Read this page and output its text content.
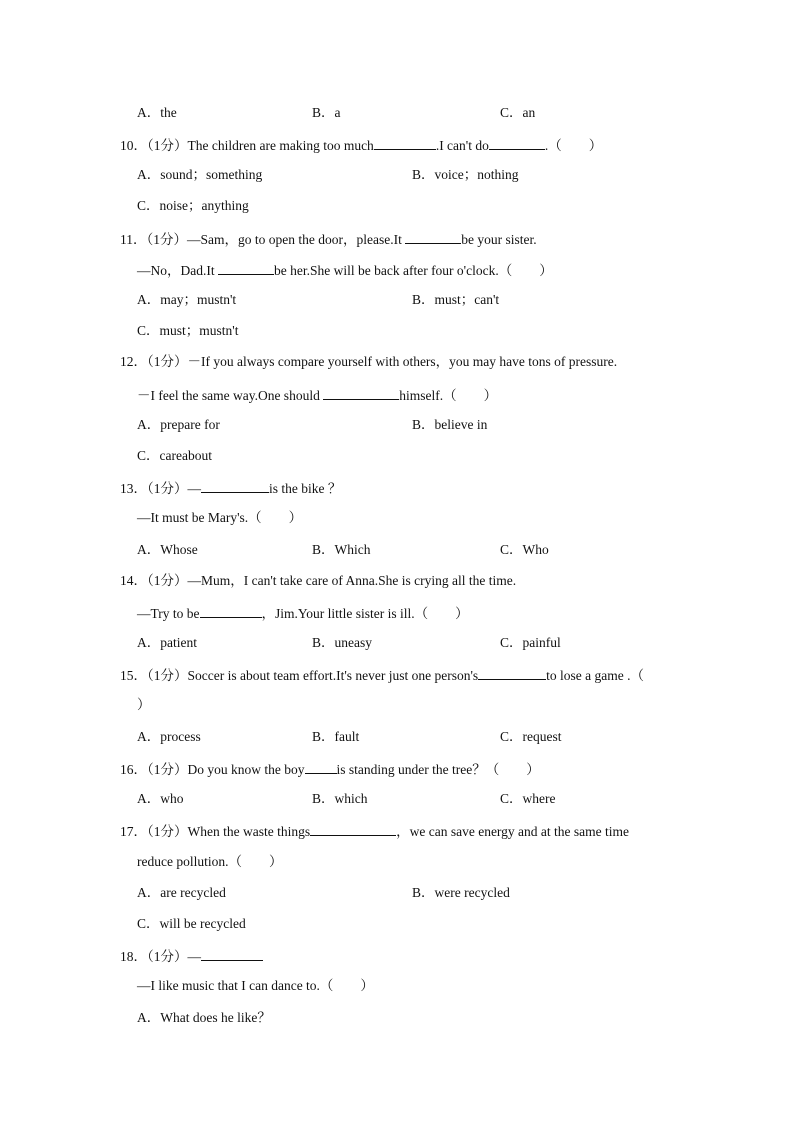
A．the	B．a	C．an
10．（1分）The children are making too much	.I can't do	.（　　）
A．sound；something	B．voice；nothing
C．noise；anything
11．（1分）—Sam，go to open the door，please.It	be your sister.
—No，Dad.It	be her.She will be back after four o'clock.（　　）
A．may；mustn't	B．must；can't
C．must；mustn't
12．（1分）－If you always compare yourself with others，you may have tons of pressure.
－I feel the same way.One should	himself.（　　）
A．prepare for	B．believe in
C．careabout
13．（1分）—	is the bike ？
—It must be Mary's.（　　）
A．Whose	B．Which	C．Who
14．（1分）—Mum，I can't take care of Anna.She is crying all the time.
—Try to be	，Jim.Your little sister is ill.（　　）
A．patient	B．uneasy	C．painful
15．（1分）Soccer is about team effort.It's never just one person's	to lose a game .（
）
A．process	B．fault	C．request
16．（1分）Do you know the boy is standing under the tree？（　　）
A．who	B．which	C．where
17．（1分）When the waste things	，we can save energy and at the same time
reduce pollution.（　　）
A．are recycled	B．were recycled
C．will be recycled
18．（1分）—
—I like music that I can dance to.（　　）
A．What does he like？
